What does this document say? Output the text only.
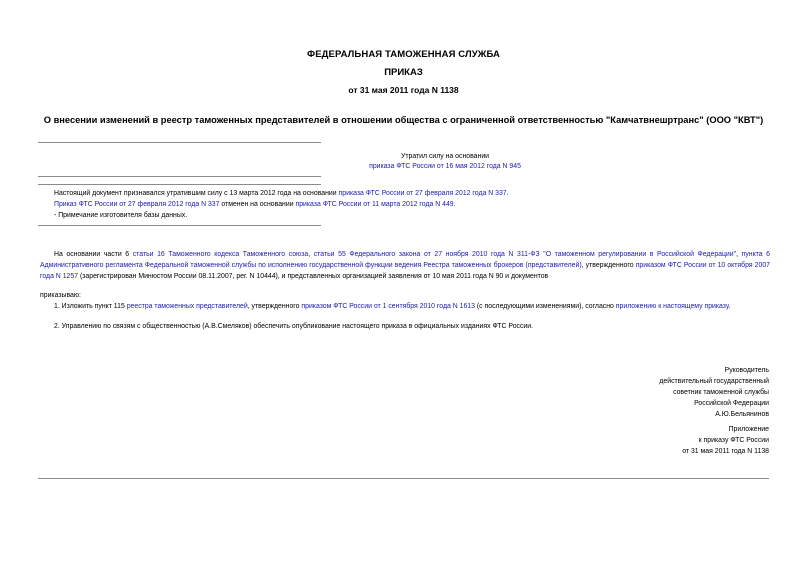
ФЕДЕРАЛЬНАЯ ТАМОЖЕННАЯ СЛУЖБА
ПРИКАЗ
от 31 мая 2011 года N 1138
О внесении изменений в реестр таможенных представителей в отношении общества с ограниченной ответственностью "Камчатвнешртранс" (ООО "КВТ")
Утратил силу на основании
приказа ФТС России от 16 мая 2012 года N 945
Настоящий документ признавался утратившим силу с 13 марта 2012 года на основании приказа ФТС России от 27 февраля 2012 года N 337.
Приказ ФТС России от 27 февраля 2012 года N 337 отменен на основании приказа ФТС России от 11 марта 2012 года N 449.
- Примечание изготовителя базы данных.
На основании части 6 статьи 16 Таможенного кодекса Таможенного союза, статьи 55 Федерального закона от 27 ноября 2010 года N 311-ФЗ "О таможенном регулировании в Российской Федерации", пункта 6 Административного регламента Федеральной таможенной службы по исполнению государственной функции ведения Реестра таможенных брокеров (представителей), утвержденного приказом ФТС России от 10 октября 2007 года N 1257 (зарегистрирован Минюстом России 08.11.2007, рег. N 10444), и представленных организацией заявления от 10 мая 2011 года N 90 и документов
приказываю:
1. Изложить пункт 115 реестра таможенных представителей, утвержденного приказом ФТС России от 1 сентября 2010 года N 1613 (с последующими изменениями), согласно приложению к настоящему приказу.
2. Управлению по связям с общественностью (А.В.Смеляков) обеспечить опубликование настоящего приказа в официальных изданиях ФТС России.
Руководитель
действительный государственный
советник таможенной службы
Российской Федерации
А.Ю.Бельянинов
Приложение
к приказу ФТС России
от 31 мая 2011 года N 1138
